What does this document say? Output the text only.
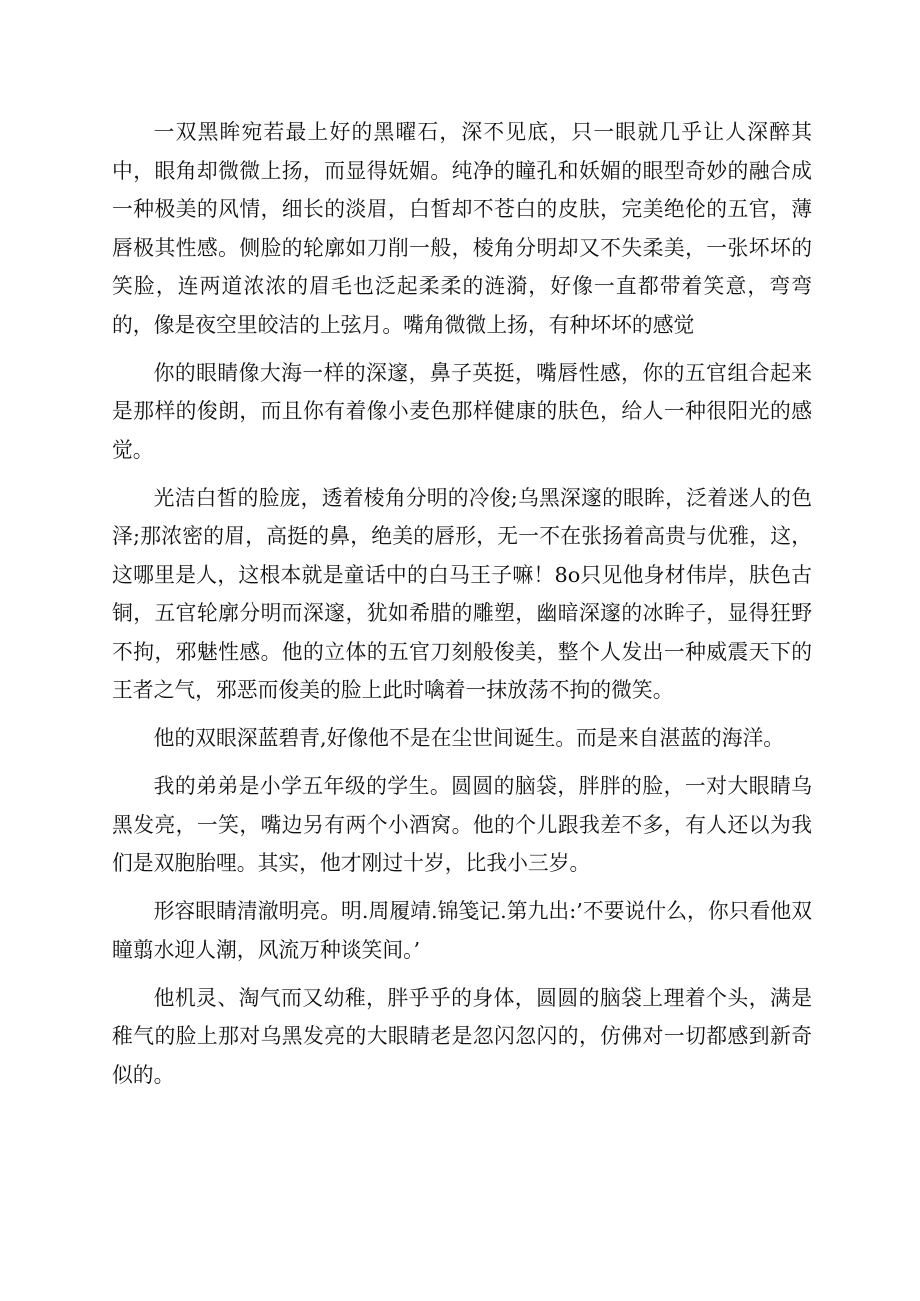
一双黑眸宛若最上好的黑曜石，深不见底，只一眼就几乎让人深醉其中，眼角却微微上扬，而显得妩媚。纯净的瞳孔和妖媚的眼型奇妙的融合成一种极美的风情，细长的淡眉，白皙却不苍白的皮肤，完美绝伦的五官，薄唇极其性感。侧脸的轮廓如刀削一般，棱角分明却又不失柔美，一张坏坏的笑脸，连两道浓浓的眉毛也泛起柔柔的涟漪，好像一直都带着笑意，弯弯的，像是夜空里皎洁的上弦月。嘴角微微上扬，有种坏坏的感觉

你的眼睛像大海一样的深邃，鼻子英挺，嘴唇性感，你的五官组合起来是那样的俊朗，而且你有着像小麦色那样健康的肤色，给人一种很阳光的感觉。

光洁白皙的脸庞，透着棱角分明的冷俊;乌黑深邃的眼眸，泛着迷人的色泽;那浓密的眉，高挺的鼻，绝美的唇形，无一不在张扬着高贵与优雅，这，这哪里是人，这根本就是童话中的白马王子嘛！8o只见他身材伟岸，肤色古铜，五官轮廓分明而深邃，犹如希腊的雕塑，幽暗深邃的冰眸子，显得狂野不拘，邪魅性感。他的立体的五官刀刻般俊美，整个人发出一种威震天下的王者之气，邪恶而俊美的脸上此时噙着一抹放荡不拘的微笑。

他的双眼深蓝碧青,好像他不是在尘世间诞生。而是来自湛蓝的海洋。

我的弟弟是小学五年级的学生。圆圆的脑袋，胖胖的脸，一对大眼睛乌黑发亮，一笑，嘴边另有两个小酒窝。他的个儿跟我差不多，有人还以为我们是双胞胎哩。其实，他才刚过十岁，比我小三岁。

形容眼睛清澈明亮。明.周履靖.锦笺记.第九出:’不要说什么，你只看他双瞳翦水迎人潮，风流万种谈笑间。’

他机灵、淘气而又幼稚，胖乎乎的身体，圆圆的脑袋上理着个头，满是稚气的脸上那对乌黑发亮的大眼睛老是忽闪忽闪的，仿佛对一切都感到新奇似的。
